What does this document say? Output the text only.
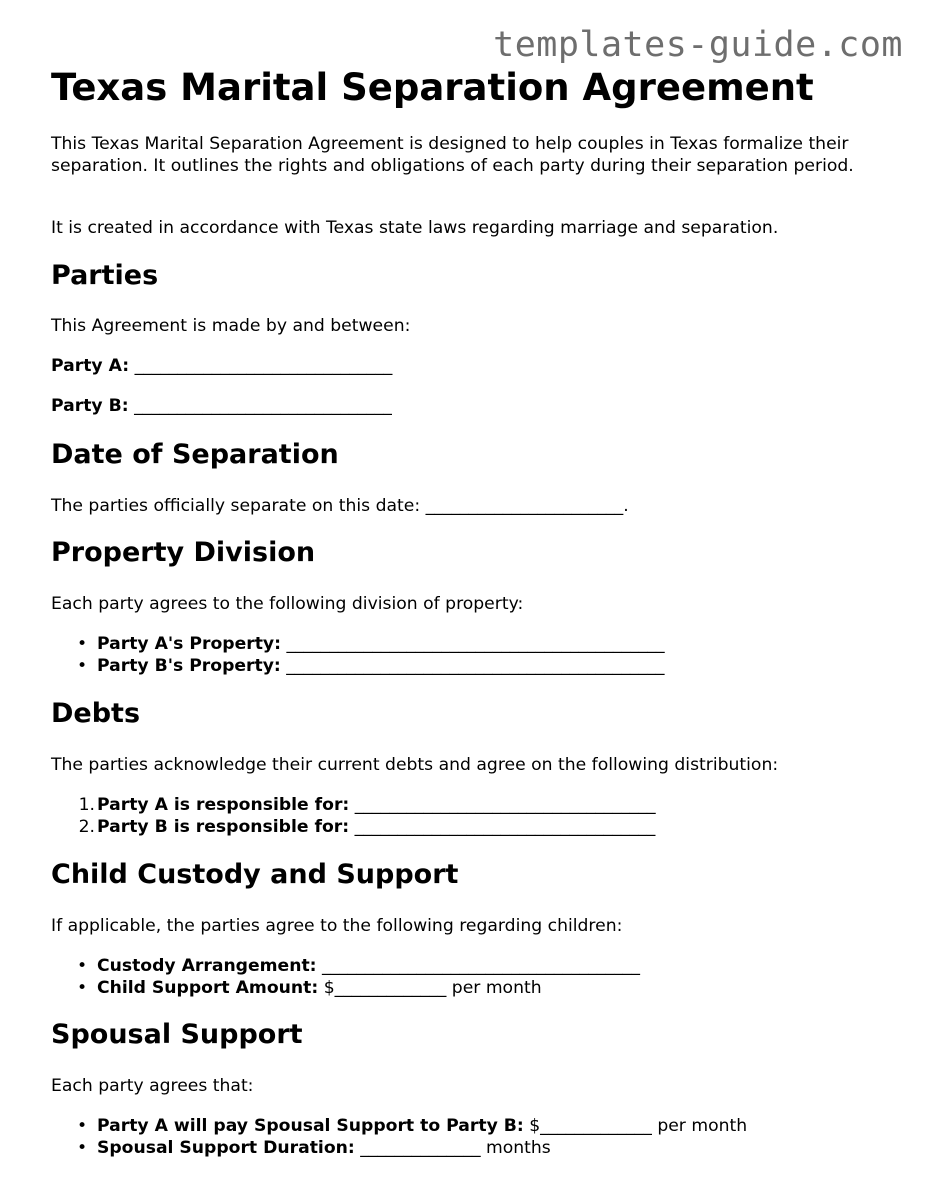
templates-guide.com
Texas Marital Separation Agreement

This Texas Marital Separation Agreement is designed to help couples in Texas formalize their separation. It outlines the rights and obligations of each party during their separation period.

It is created in accordance with Texas state laws regarding marriage and separation.

Parties

This Agreement is made by and between:

Party A: ______________________________
Party B: ______________________________
Date of Separation

The parties officially separate on this date: _______________________.

Property Division

Each party agrees to the following division of property:

• Party A's Property: ____________________________________________
• Party B's Property: ____________________________________________
Debts

The parties acknowledge their current debts and agree on the following distribution:

1. Party A is responsible for: ___________________________________
2. Party B is responsible for: ___________________________________
Child Custody and Support

If applicable, the parties agree to the following regarding children:

• Custody Arrangement: _____________________________________
• Child Support Amount: $_____________ per month
Spousal Support

Each party agrees that:

• Party A will pay Spousal Support to Party B: $_____________ per month
• Spousal Support Duration: ______________ months
